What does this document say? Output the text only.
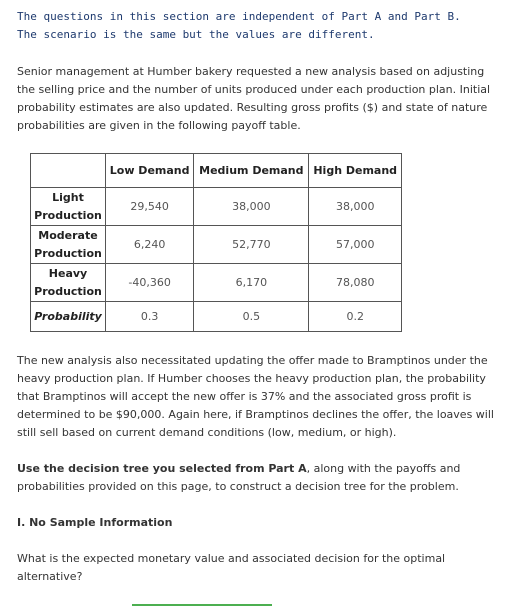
The questions in this section are independent of Part A and Part B.
The scenario is the same but the values are different.
Senior management at Humber bakery requested a new analysis based on adjusting the selling price and the number of units produced under each production plan. Initial probability estimates are also updated. Resulting gross profits ($) and state of nature probabilities are given in the following payoff table.
	Low Demand	Medium Demand	High Demand

Light
Production	29,540	38,000	38,000

Moderate
Production	6,240	52,770	57,000

Heavy
Production	-40,360	6,170	78,080
Probability	0.3	0.5	0.2
The new analysis also necessitated updating the offer made to Bramptinos under the heavy production plan. If Humber chooses the heavy production plan, the probability that Bramptinos will accept the new offer is 37% and the associated gross profit is determined to be $90,000. Again here, if Bramptinos declines the offer, the loaves will still sell based on current demand conditions (low, medium, or high).
Use the decision tree you selected from Part A, along with the payoffs and probabilities provided on this page, to construct a decision tree for the problem.
I. No Sample Information
What is the expected monetary value and associated decision for the optimal alternative?
